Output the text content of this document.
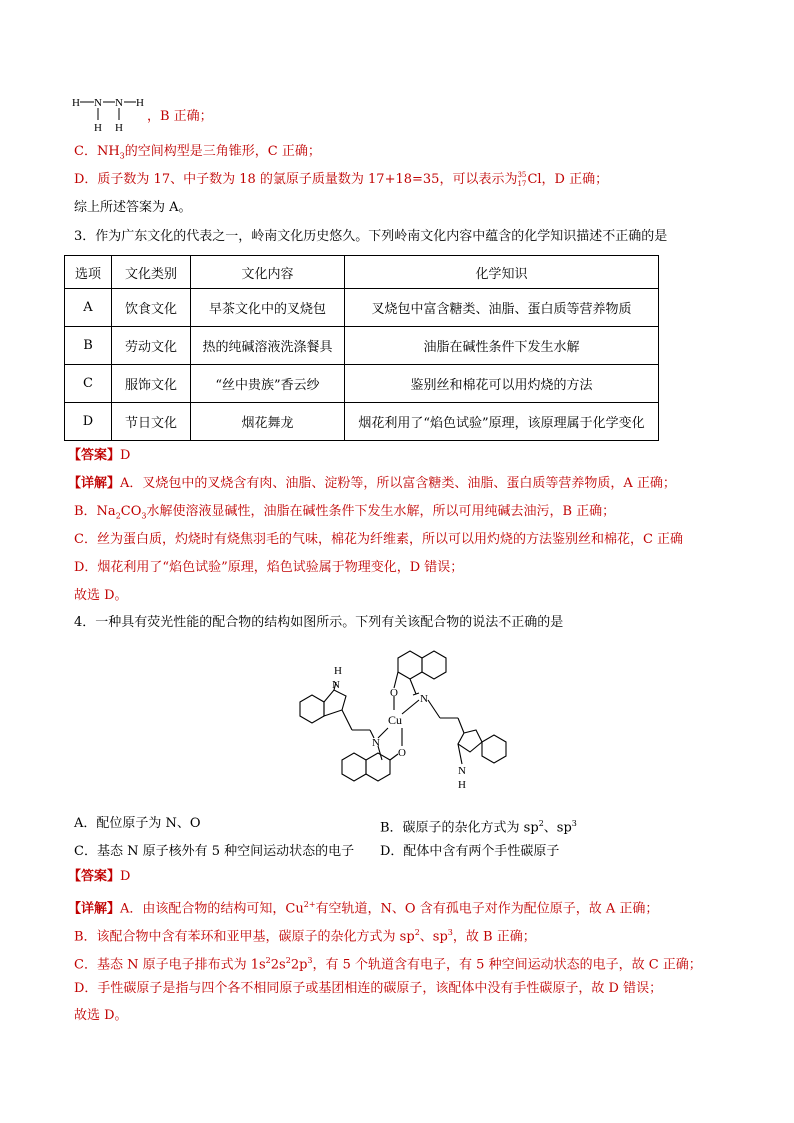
H N N H
H H
，B 正确；
C．$NH_3$的空间构型是三角锥形，C 正确；
D．质子数为 17、中子数为 18 的氯原子质量数为 17+18=35，可以表示为 35
17 Cl，D 正确；
综上所述答案为 A。
3．作为广东文化的代表之一，岭南文化历史悠久。下列岭南文化内容中蕴含的化学知识描述不正确的是
选项	文化类别	文化内容	化学知识
A	饮食文化	早茶文化中的叉烧包	叉烧包中富含糖类、油脂、蛋白质等营养物质
B	劳动文化	热的纯碱溶液洗涤餐具	油脂在碱性条件下发生水解
C	服饰文化	“丝中贵族”香云纱	鉴别丝和棉花可以用灼烧的方法
D	节日文化	烟花舞龙	烟花利用了“焰色试验”原理，该原理属于化学变化
【答案】D
【详解】A．叉烧包中的叉烧含有肉、油脂、淀粉等，所以富含糖类、油脂、蛋白质等营养物质，A 正确；
B．$Na_2CO_3$水解使溶液显碱性，油脂在碱性条件下发生水解，所以可用纯碱去油污，B 正确；
C．丝为蛋白质，灼烧时有烧焦羽毛的气味，棉花为纤维素，所以可以用灼烧的方法鉴别丝和棉花，C 正确
D．烟花利用了“焰色试验”原理，焰色试验属于物理变化，D 错误；
故选 D。
4．一种具有荧光性能的配合物的结构如图所示。下列有关该配合物的说法不正确的是
H
N
O N
Cu
N
O
N
H
A．配位原子为 N、O	B．碳原子的杂化方式为 $sp^2$、$sp^3$
C．基态 N 原子核外有 5 种空间运动状态的电子 D．配体中含有两个手性碳原子
【答案】D
【详解】A．由该配合物的结构可知，$Cu^{2+}$有空轨道，N、O 含有孤电子对作为配位原子，故 A 正确；
B．该配合物中含有苯环和亚甲基，碳原子的杂化方式为 $sp^2$、$sp^3$，故 B 正确；
C．基态 N 原子电子排布式为 $1s^22s^22p^3$，有 5 个轨道含有电子，有 5 种空间运动状态的电子，故 C 正确；
D．手性碳原子是指与四个各不相同原子或基团相连的碳原子，该配体中没有手性碳原子，故 D 错误；
故选 D。
